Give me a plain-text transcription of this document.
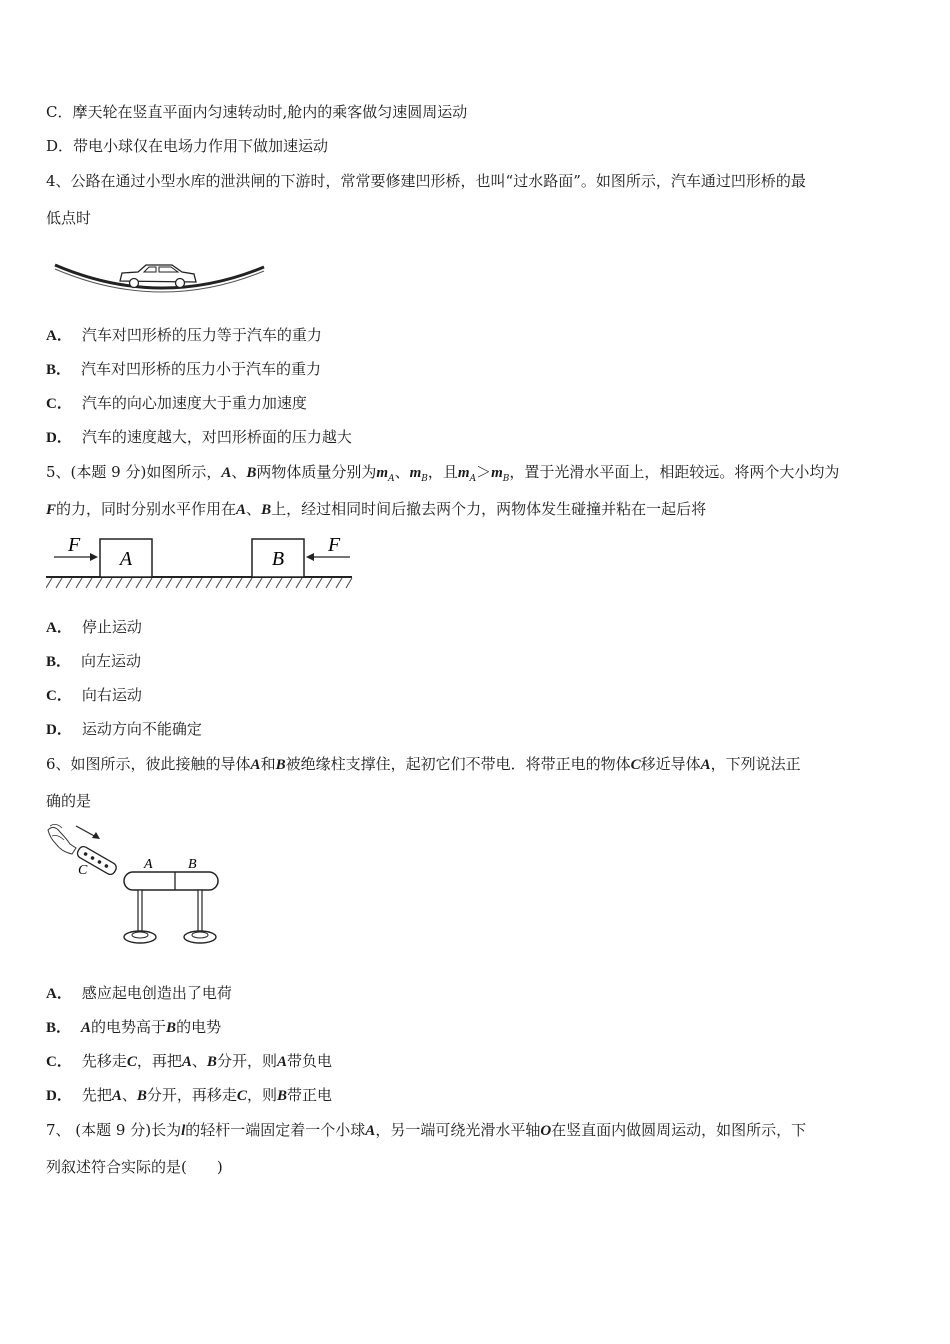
C．摩天轮在竖直平面内匀速转动时,舱内的乘客做匀速圆周运动
D．带电小球仅在电场力作用下做加速运动
4、公路在通过小型水库的泄洪闸的下游时，常常要修建凹形桥，也叫“过水路面”。如图所示，汽车通过凹形桥的最
低点时
A． 汽车对凹形桥的压力等于汽车的重力
B． 汽车对凹形桥的压力小于汽车的重力
C． 汽车的向心加速度大于重力加速度
D． 汽车的速度越大，对凹形桥面的压力越大
5、(本题 9 分)如图所示，A、B两物体质量分别为$m_A$、$m_B$，且$m_A>m_B$，置于光滑水平面上，相距较远。将两个大小均为
F的力，同时分别水平作用在A、B上，经过相同时间后撤去两个力，两物体发生碰撞并粘在一起后将
A	B
F	F
A． 停止运动
B． 向左运动
C． 向右运动
D． 运动方向不能确定
6、如图所示，彼此接触的导体A和B被绝缘柱支撑住，起初它们不带电．将带正电的物体C移近导体A，下列说法正
确的是
C	A	B
A． 感应起电创造出了电荷
B． A的电势高于B的电势
C． 先移走C，再把A、B分开，则A带负电
D． 先把A、B分开，再移走C，则B带正电
7、 (本题 9 分)长为l的轻杆一端固定着一个小球A，另一端可绕光滑水平轴O在竖直面内做圆周运动，如图所示，下
列叙述符合实际的是(　　)
